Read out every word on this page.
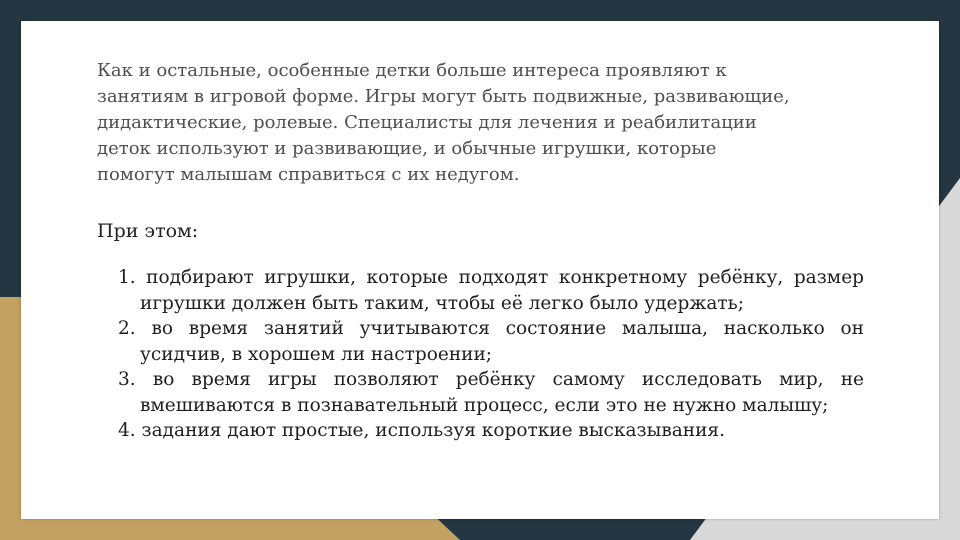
Как и остальные, особенные детки больше интереса проявляют к занятиям в игровой форме. Игры могут быть подвижные, развивающие, дидактические, ролевые. Специалисты для лечения и реабилитации деток используют и развивающие, и обычные игрушки, которые помогут малышам справиться с их недугом.

При этом:

1. подбирают игрушки, которые подходят конкретному ребёнку, размер игрушки должен быть таким, чтобы её легко было удержать;
2. во время занятий учитываются состояние малыша, насколько он усидчив, в хорошем ли настроении;
3. во время игры позволяют ребёнку самому исследовать мир, не вмешиваются в познавательный процесс, если это не нужно малышу;
4. задания дают простые, используя короткие высказывания.
